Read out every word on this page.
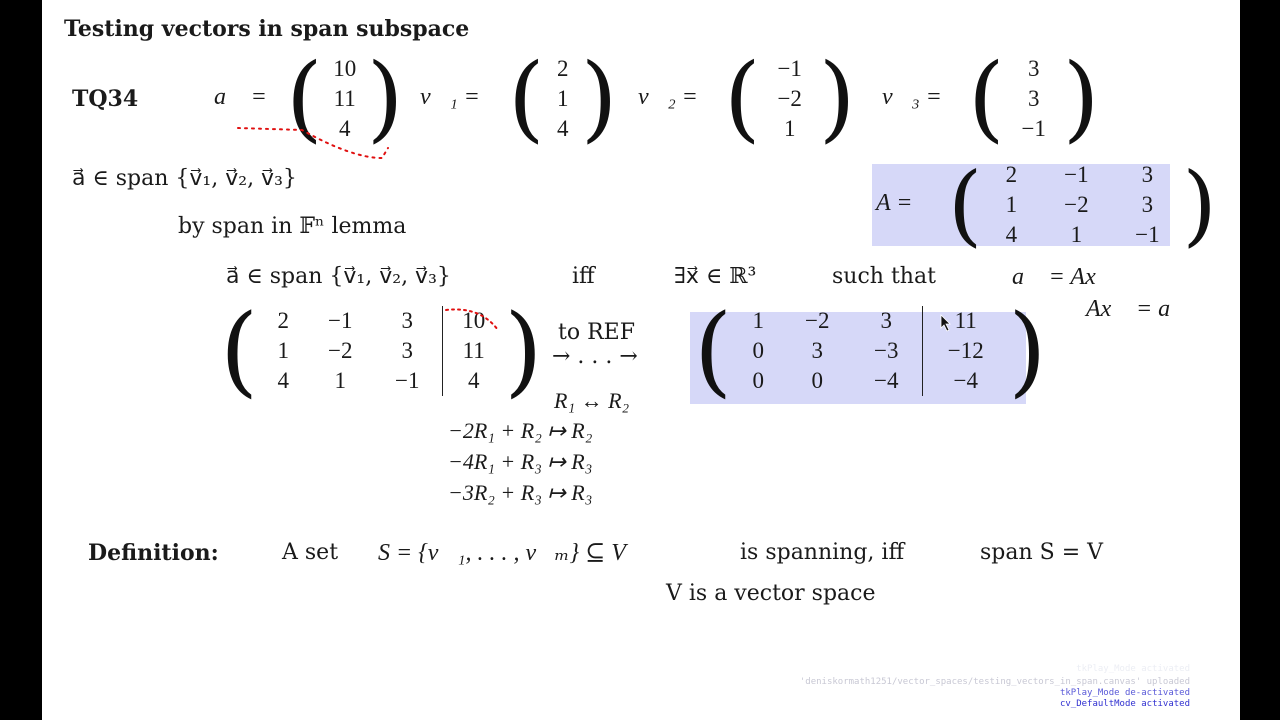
Testing vectors in span subspace
TQ34	a⃗ = ( 10
11
4 ) v⃗₁ = ( 2
1
4 ) v⃗₂ = ( −1
−2
1 ) v⃗₃ = (	3
3
−1 )
a⃗ ∈ span {v⃗₁, v⃗₂, v⃗₃}
A = (	2	−1	3
1	−2	3
4	1	−1 )
by span in 𝔽ⁿ lemma
a⃗ ∈ span {v⃗₁, v⃗₂, v⃗₃}	iff	∃x⃗ ∈ ℝ³	such that	a⃗ = Ax⃗
Ax⃗ = a⃗
( 2	−1	3	10
1	−2	3	11
4	1	−1	4 ) to REF
→ . . . →
R₁ ↔ R₂
−2R₁ + R₂ ↦ R₂
−4R₁ + R₃ ↦ R₃
−3R₂ + R₃ ↦ R₃
( 1	−2	3	11
0	3	−3	−12
0	0	−4	−4 )
Definition:	A set S = {v⃗₁, . . . , v⃗ₘ} ⊆ V	is spanning, iff	span S = V
V is a vector space
tkPlay_Mode activated
'deniskormath1251/vector_spaces/testing_vectors_in_span.canvas' uploaded
tkPlay_Mode de-activated
cv_DefaultMode activated
